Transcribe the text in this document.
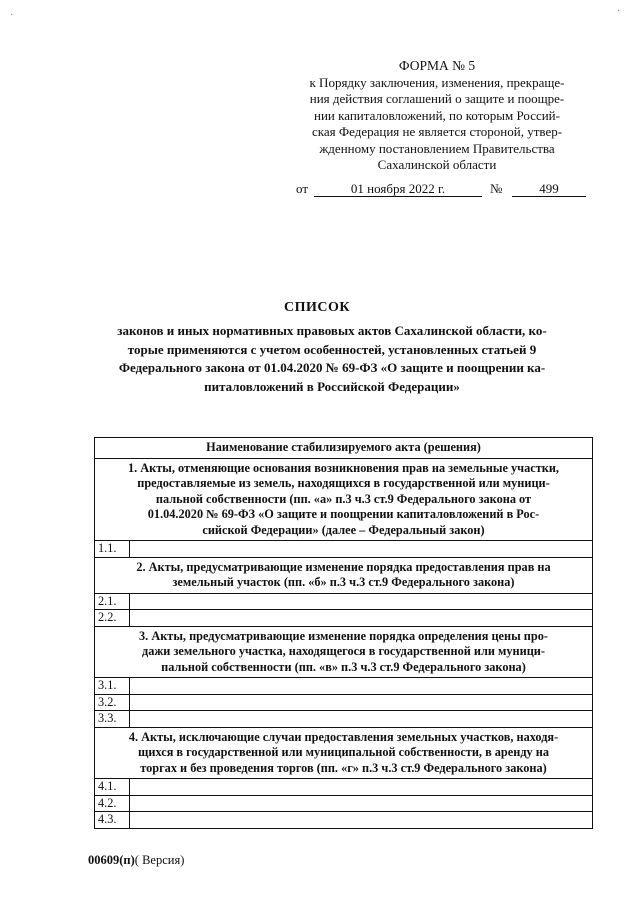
ФОРМА № 5
к Порядку заключения, изменения, прекраще-
ния действия соглашений о защите и поощре-
нии капиталовложений, по которым Россий-
ская Федерация не является стороной, утвер-
жденному постановлением Правительства
Сахалинской области
от	01 ноября 2022 г.	№	499
СПИСОК
законов и иных нормативных правовых актов Сахалинской области, ко-
торые применяются с учетом особенностей, установленных статьей 9
Федерального закона от 01.04.2020 № 69-ФЗ «О защите и поощрении ка-
питаловложений в Российской Федерации»
Наименование стабилизируемого акта (решения)	

1. Акты, отменяющие основания возникновения прав на земельные участки,
предоставляемые из земель, находящихся в государственной или муници-
пальной собственности (пп. «а» п.3 ч.3 ст.9 Федерального закона от
01.04.2020 № 69-ФЗ «О защите и поощрении капиталовложений в Рос-
сийской Федерации» (далее – Федеральный закон)	

1.1.	

2. Акты, предусматривающие изменение порядка предоставления прав на
земельный участок (пп. «б» п.3 ч.3 ст.9 Федерального закона)	

2.1.	
2.2.	

3. Акты, предусматривающие изменение порядка определения цены про-
дажи земельного участка, находящегося в государственной или муници-
пальной собственности (пп. «в» п.3 ч.3 ст.9 Федерального закона)	

3.1.	
3.2.	
3.3.	

4. Акты, исключающие случаи предоставления земельных участков, находя-
щихся в государственной или муниципальной собственности, в аренду на
торгах и без проведения торгов (пп. «г» п.3 ч.3 ст.9 Федерального закона)	

4.1.	
4.2.	
4.3.	
00609(п)( Версия)
·	·
